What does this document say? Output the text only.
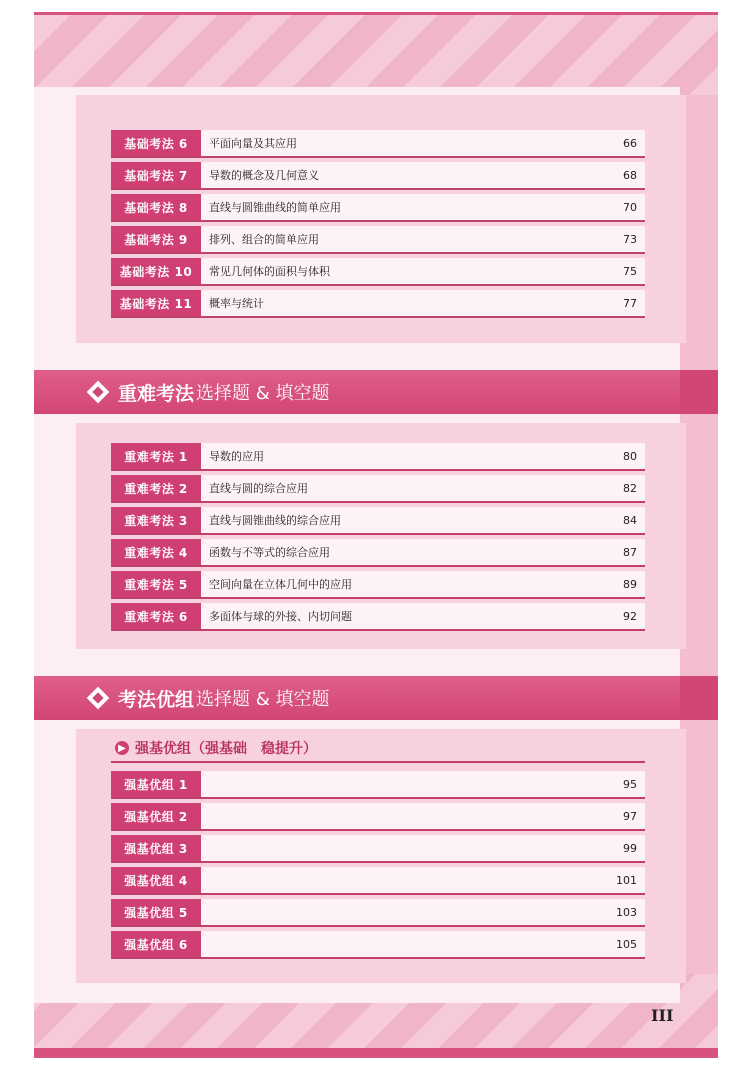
基础考法 6	平面向量及其应用	66
基础考法 7	导数的概念及几何意义	68
基础考法 8	直线与圆锥曲线的简单应用	70
基础考法 9	排列、组合的简单应用	73
基础考法 10	常见几何体的面积与体积	75
基础考法 11	概率与统计	77
重难考法 选择题 & 填空题
重难考法 1	导数的应用	80
重难考法 2	直线与圆的综合应用	82
重难考法 3	直线与圆锥曲线的综合应用	84
重难考法 4	函数与不等式的综合应用	87
重难考法 5	空间向量在立体几何中的应用	89
重难考法 6	多面体与球的外接、内切问题	92
考法优组 选择题 & 填空题
▶ 强基优组（强基础　稳提升）
强基优组 1	95
强基优组 2	97
强基优组 3	99
强基优组 4	101
强基优组 5	103
强基优组 6	105
III
